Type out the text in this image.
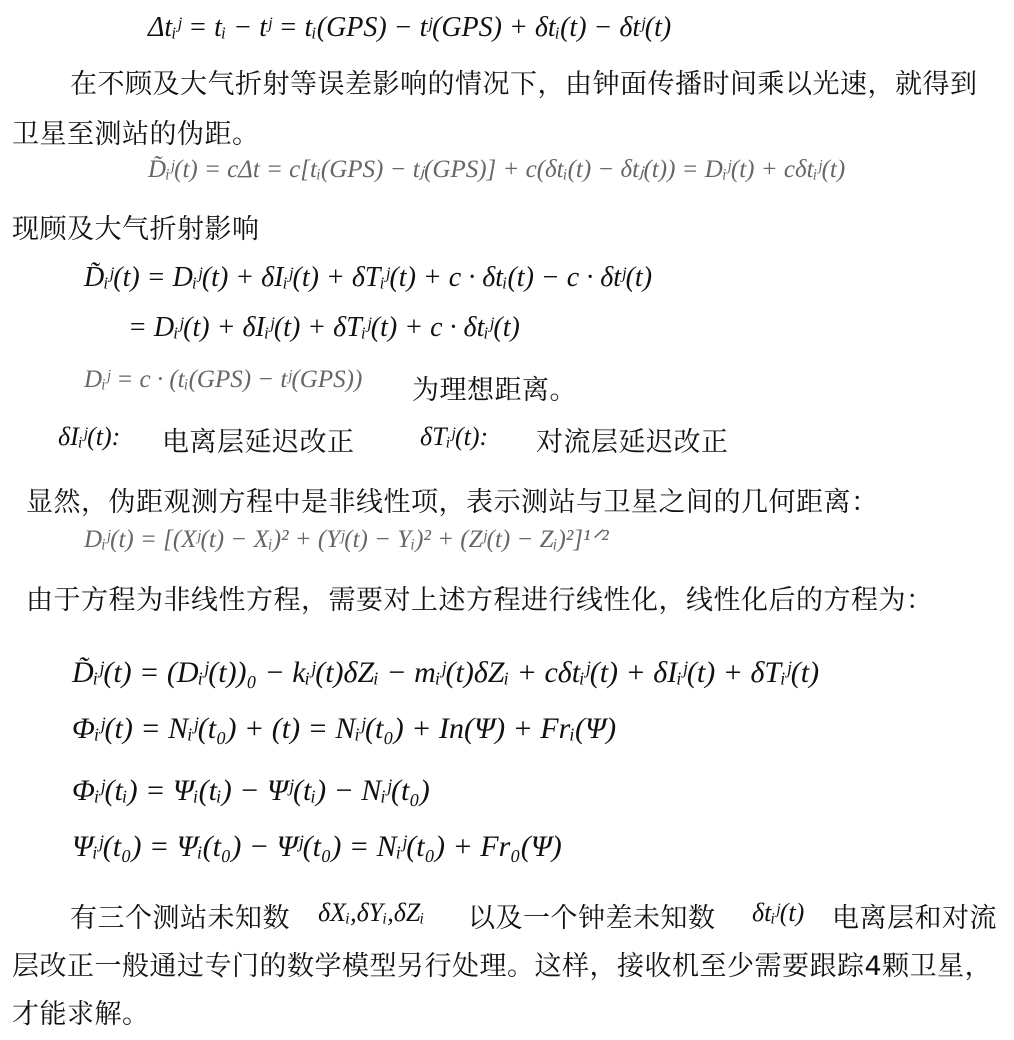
Δtᵢʲ = tᵢ − tʲ = tᵢ(GPS) − tʲ(GPS) + δtᵢ(t) − δtʲ(t)
在不顾及大气折射等误差影响的情况下，由钟面传播时间乘以光速，就得到
卫星至测站的伪距。
D̃ᵢʲ(t) = cΔt = c[tᵢ(GPS) − tⱼ(GPS)] + c(δtᵢ(t) − δtⱼ(t)) = Dᵢʲ(t) + cδtᵢʲ(t)
现顾及大气折射影响
D̃ᵢʲ(t) = Dᵢʲ(t) + δIᵢʲ(t) + δTᵢʲ(t) + c · δtᵢ(t) − c · δtʲ(t)
= Dᵢʲ(t) + δIᵢʲ(t) + δTᵢʲ(t) + c · δtᵢʲ(t)
Dᵢʲ = c · (tᵢ(GPS) − tʲ(GPS)) 为理想距离。
δIᵢʲ(t): 电离层延迟改正	δTᵢʲ(t): 对流层延迟改正
显然，伪距观测方程中是非线性项，表示测站与卫星之间的几何距离：
Dᵢʲ(t) = [(Xʲ(t) − Xᵢ)² + (Yʲ(t) − Yᵢ)² + (Zʲ(t) − Zᵢ)²]¹ᐟ²
由于方程为非线性方程，需要对上述方程进行线性化，线性化后的方程为：
D̃ᵢʲ(t) = (Dᵢʲ(t))₀ − kᵢʲ(t)δZᵢ − mᵢʲ(t)δZᵢ + cδtᵢʲ(t) + δIᵢʲ(t) + δTᵢʲ(t)
Φᵢʲ(t) = Nᵢʲ(t₀) + (t) = Nᵢʲ(t₀) + In(Ψ) + Frᵢ(Ψ)
Φᵢʲ(tᵢ) = Ψᵢ(tᵢ) − Ψʲ(tᵢ) − Nᵢʲ(t₀)
Ψᵢʲ(t₀) = Ψᵢ(t₀) − Ψʲ(t₀) = Nᵢʲ(t₀) + Fr₀(Ψ)
有三个测站未知数 δXᵢ,δYᵢ,δZᵢ 以及一个钟差未知数 δtᵢʲ(t) 电离层和对流
层改正一般通过专门的数学模型另行处理。这样，接收机至少需要跟踪4颗卫星，
才能求解。
